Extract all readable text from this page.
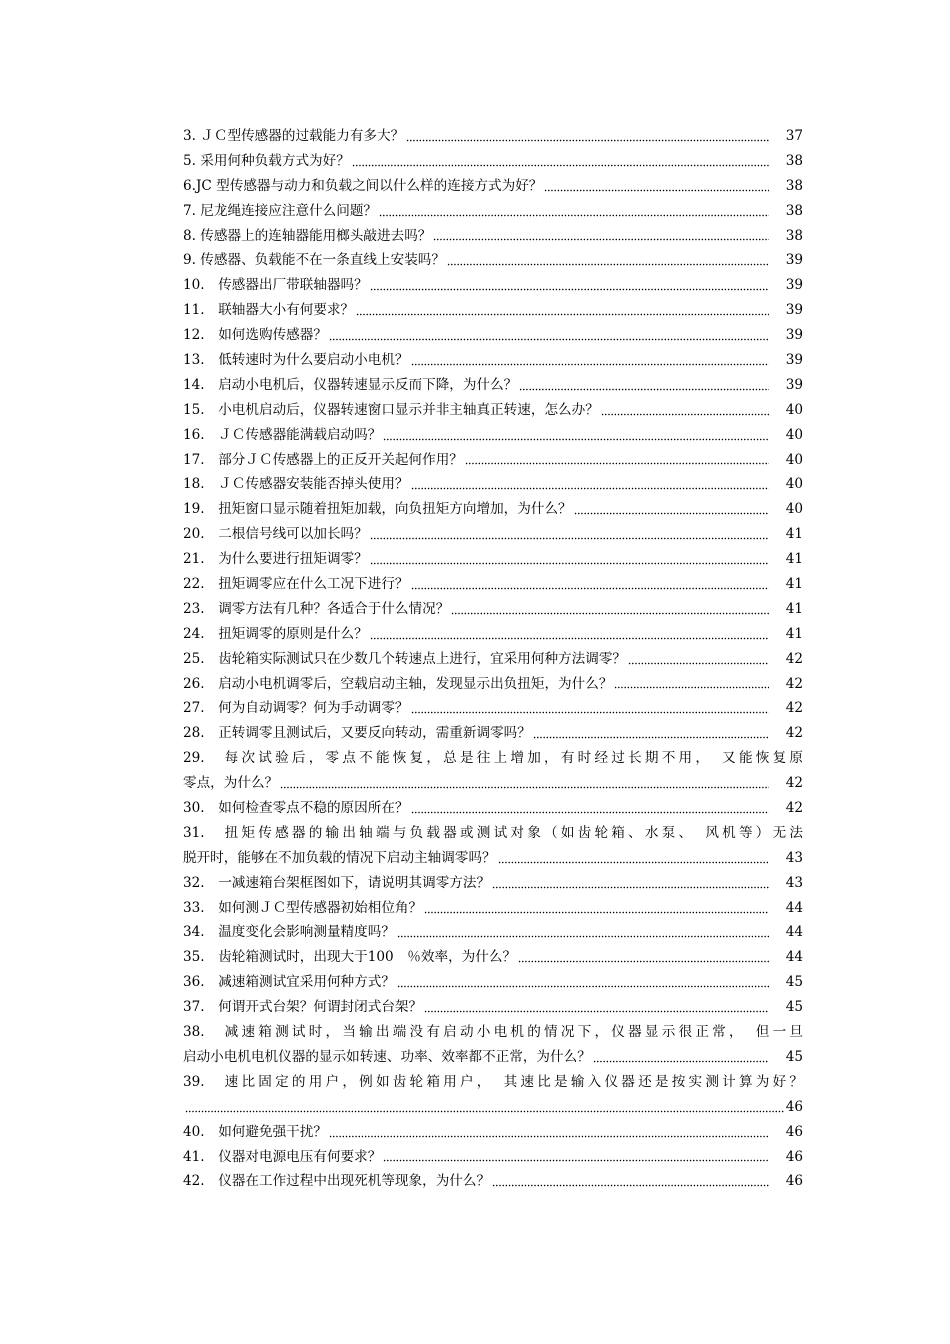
3. ＪＣ型传感器的过载能力有多大？	37
5. 采用何种负载方式为好？	38
6.JC 型传感器与动力和负载之间以什么样的连接方式为好？	38
7. 尼龙绳连接应注意什么问题？	38
8. 传感器上的连轴器能用榔头敲进去吗？	38
9. 传感器、负载能不在一条直线上安装吗？	39
10.　传感器出厂带联轴器吗？	39
11.　联轴器大小有何要求？	39
12.　如何选购传感器？	39
13.　低转速时为什么要启动小电机？	39
14.　启动小电机后，仪器转速显示反而下降，为什么？	39
15.　小电机启动后，仪器转速窗口显示并非主轴真正转速，怎么办？	40
16.　ＪＣ传感器能满载启动吗？	40
17.　部分ＪＣ传感器上的正反开关起何作用？	40
18.　ＪＣ传感器安装能否掉头使用？	40
19.　扭矩窗口显示随着扭矩加载，向负扭矩方向增加，为什么？	40
20.　二根信号线可以加长吗？	41
21.　为什么要进行扭矩调零？	41
22.　扭矩调零应在什么工况下进行？	41
23.　调零方法有几种？各适合于什么情况？	41
24.　扭矩调零的原则是什么？	41
25.　齿轮箱实际测试只在少数几个转速点上进行，宜采用何种方法调零？	42
26.　启动小电机调零后，空载启动主轴，发现显示出负扭矩，为什么？	42
27.　何为自动调零？何为手动调零？	42
28.　正转调零且测试后，又要反向转动，需重新调零吗？	42
29.　每次试验后，零点不能恢复，总是往上增加，有时经过长期不用，　又能恢复原
零点，为什么？	42
30.　如何检查零点不稳的原因所在？	42
31.　扭矩传感器的输出轴端与负载器或测试对象（如齿轮箱、水泵、　风机等）无法
脱开时，能够在不加负载的情况下启动主轴调零吗？	43
32.　一减速箱台架框图如下，请说明其调零方法？	43
33.　如何测ＪＣ型传感器初始相位角？	44
34.　温度变化会影响测量精度吗？	44
35.　齿轮箱测试时，出现大于100　％效率，为什么？	44
36.　减速箱测试宜采用何种方式？	45
37.　何谓开式台架？何谓封闭式台架？	45
38.　减速箱测试时，当输出端没有启动小电机的情况下，仪器显示很正常，　但一旦
启动小电机电机仪器的显示如转速、功率、效率都不正常，为什么？	45
39.　速比固定的用户，例如齿轮箱用户，　其速比是输入仪器还是按实测计算为好？
46
40.　如何避免强干扰？	46
41.　仪器对电源电压有何要求？	46
42.　仪器在工作过程中出现死机等现象，为什么？	46
